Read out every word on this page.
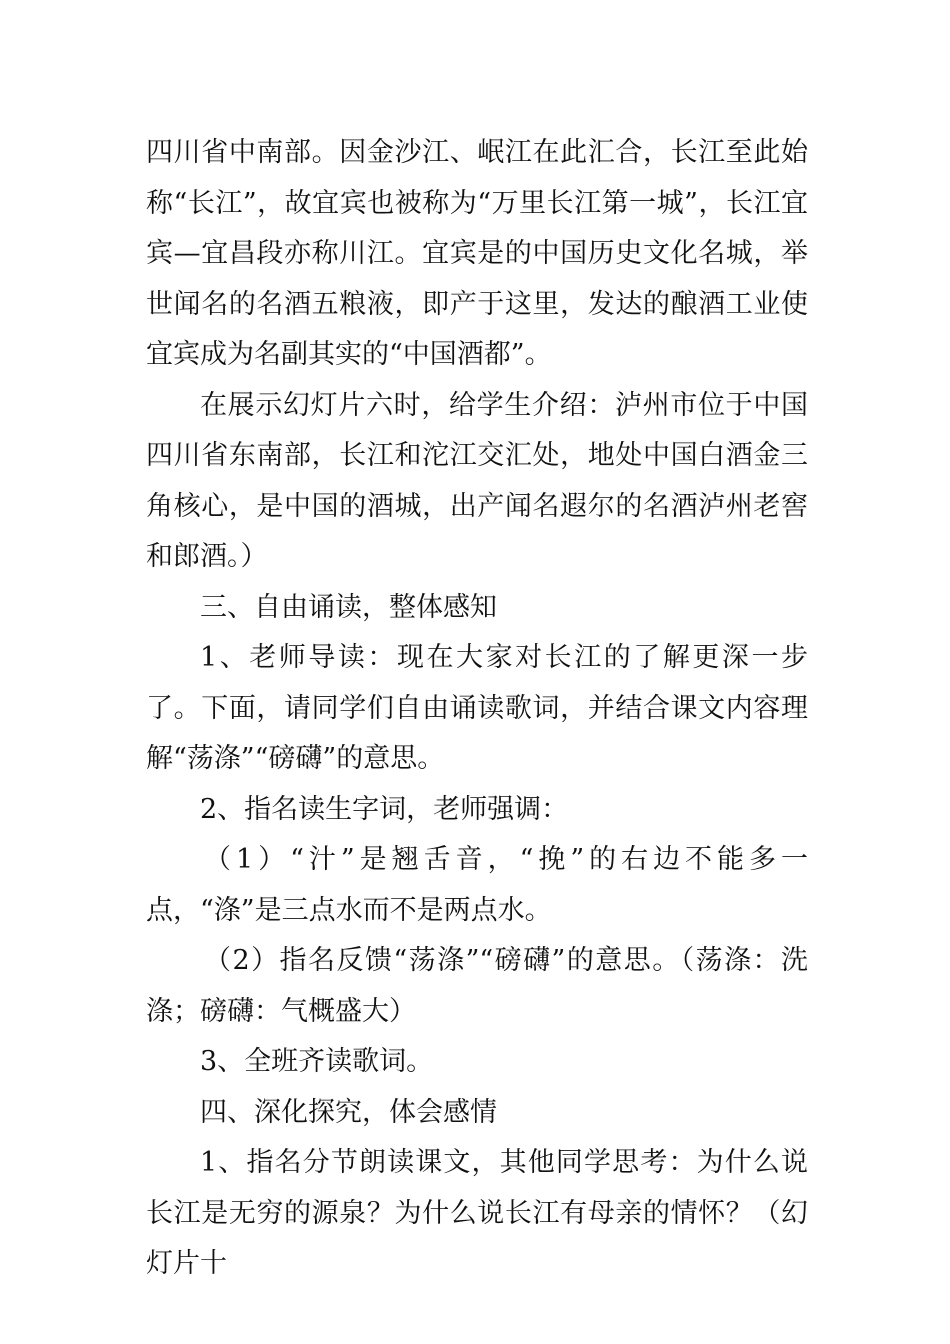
四川省中南部。因金沙江、岷江在此汇合，长江至此始称“长江”，故宜宾也被称为“万里长江第一城”，长江宜宾—宜昌段亦称川江。宜宾是的中国历史文化名城，举世闻名的名酒五粮液，即产于这里，发达的酿酒工业使宜宾成为名副其实的“中国酒都”。

在展示幻灯片六时，给学生介绍：泸州市位于中国四川省东南部，长江和沱江交汇处，地处中国白酒金三角核心，是中国的酒城，出产闻名遐尔的名酒泸州老窖和郎酒。）

三、自由诵读，整体感知

1、老师导读：现在大家对长江的了解更深一步了。下面，请同学们自由诵读歌词，并结合课文内容理解“荡涤”“磅礴”的意思。

2、指名读生字词，老师强调：

（1）“汁”是翘舌音，“挽”的右边不能多一点，“涤”是三点水而不是两点水。

（2）指名反馈“荡涤”“磅礴”的意思。（荡涤：洗涤；磅礴：气概盛大）

3、全班齐读歌词。

四、深化探究，体会感情

1、指名分节朗读课文，其他同学思考：为什么说长江是无穷的源泉？为什么说长江有母亲的情怀？（幻灯片十
